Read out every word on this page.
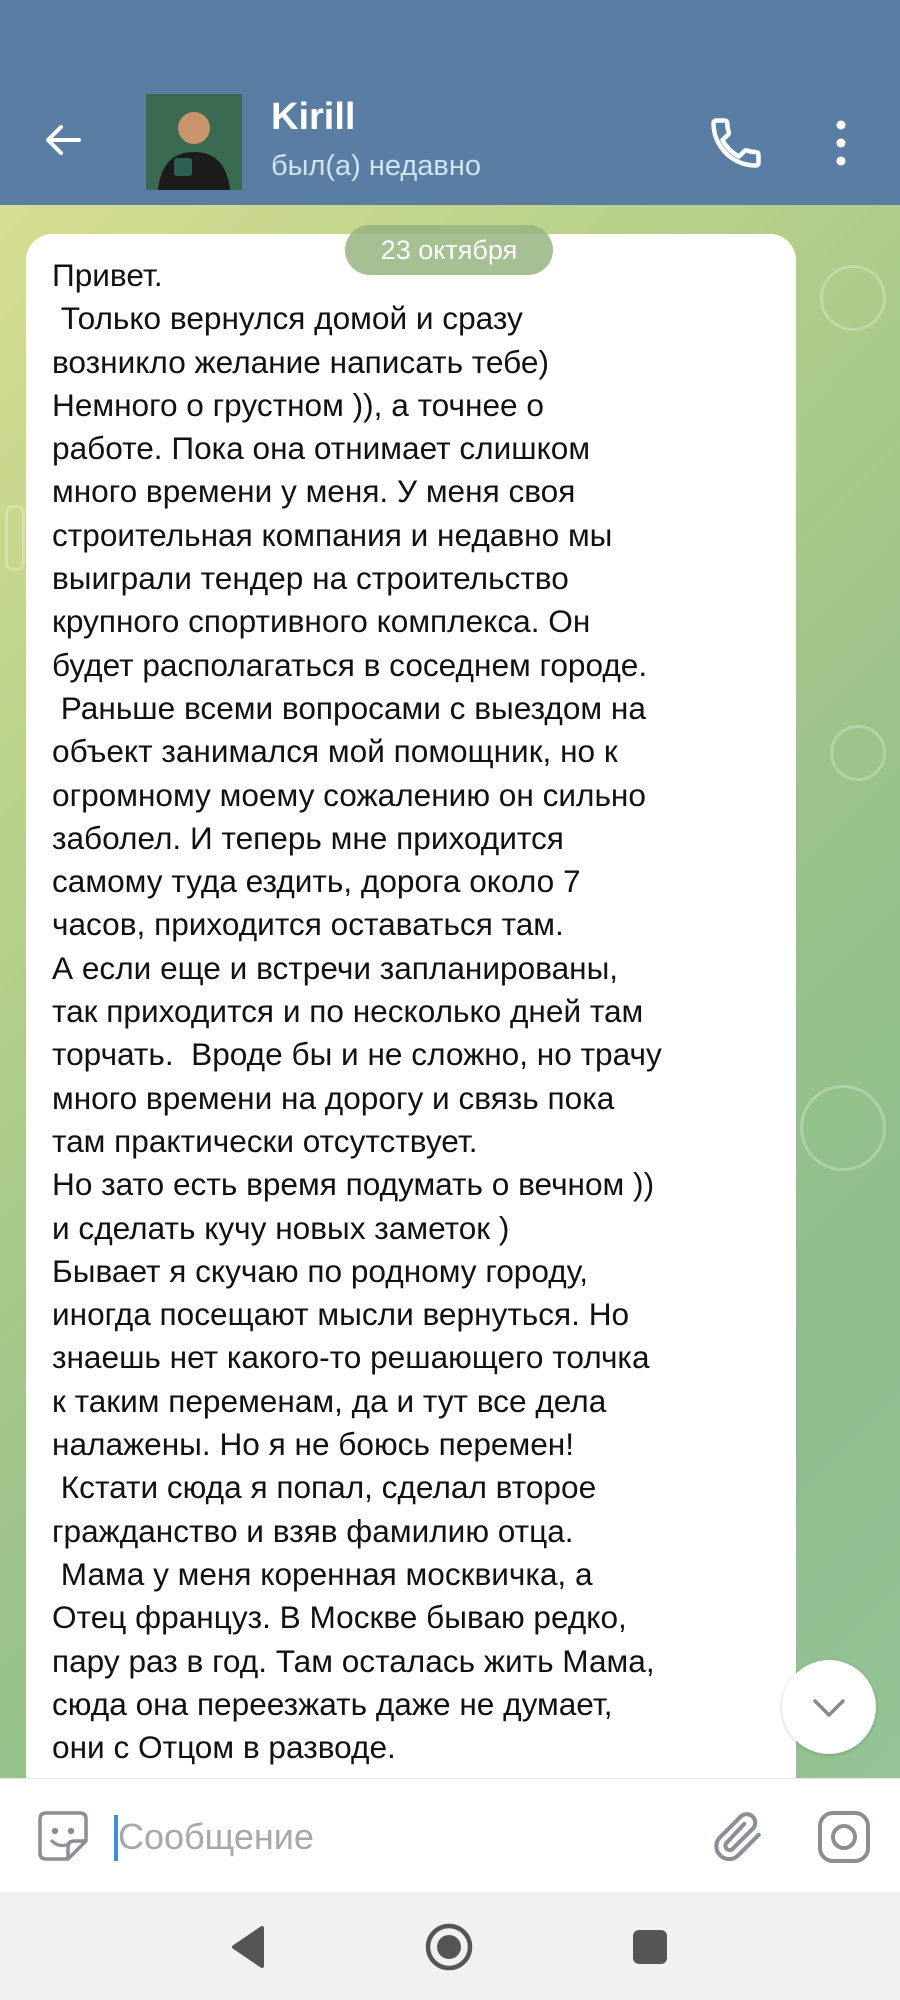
Kirill
был(а) недавно

Привет.
Только вернулся домой и сразу
возникло желание написать тебе)
Немного о грустном )), а точнее о
работе. Пока она отнимает слишком
много времени у меня. У меня своя
строительная компания и недавно мы
выиграли тендер на строительство
крупного спортивного комплекса. Он
будет располагаться в соседнем городе.
Раньше всеми вопросами с выездом на
объект занимался мой помощник, но к
огромному моему сожалению он сильно
заболел. И теперь мне приходится
самому туда ездить, дорога около 7
часов, приходится оставаться там.
А если еще и встречи запланированы,
так приходится и по несколько дней там
торчать.  Вроде бы и не сложно, но трачу
много времени на дорогу и связь пока
там практически отсутствует.
Но зато есть время подумать о вечном ))
и сделать кучу новых заметок )
Бывает я скучаю по родному городу,
иногда посещают мысли вернуться. Но
знаешь нет какого-то решающего толчка
к таким переменам, да и тут все дела
налажены. Но я не боюсь перемен!
Кстати сюда я попал, сделал второе
гражданство и взяв фамилию отца.
Мама у меня коренная москвичка, а
Отец француз. В Москве бываю редко,
пару раз в год. Там осталась жить Мама,
сюда она переезжать даже не думает,
они с Отцом в разводе.

23 октября
Сообщение
